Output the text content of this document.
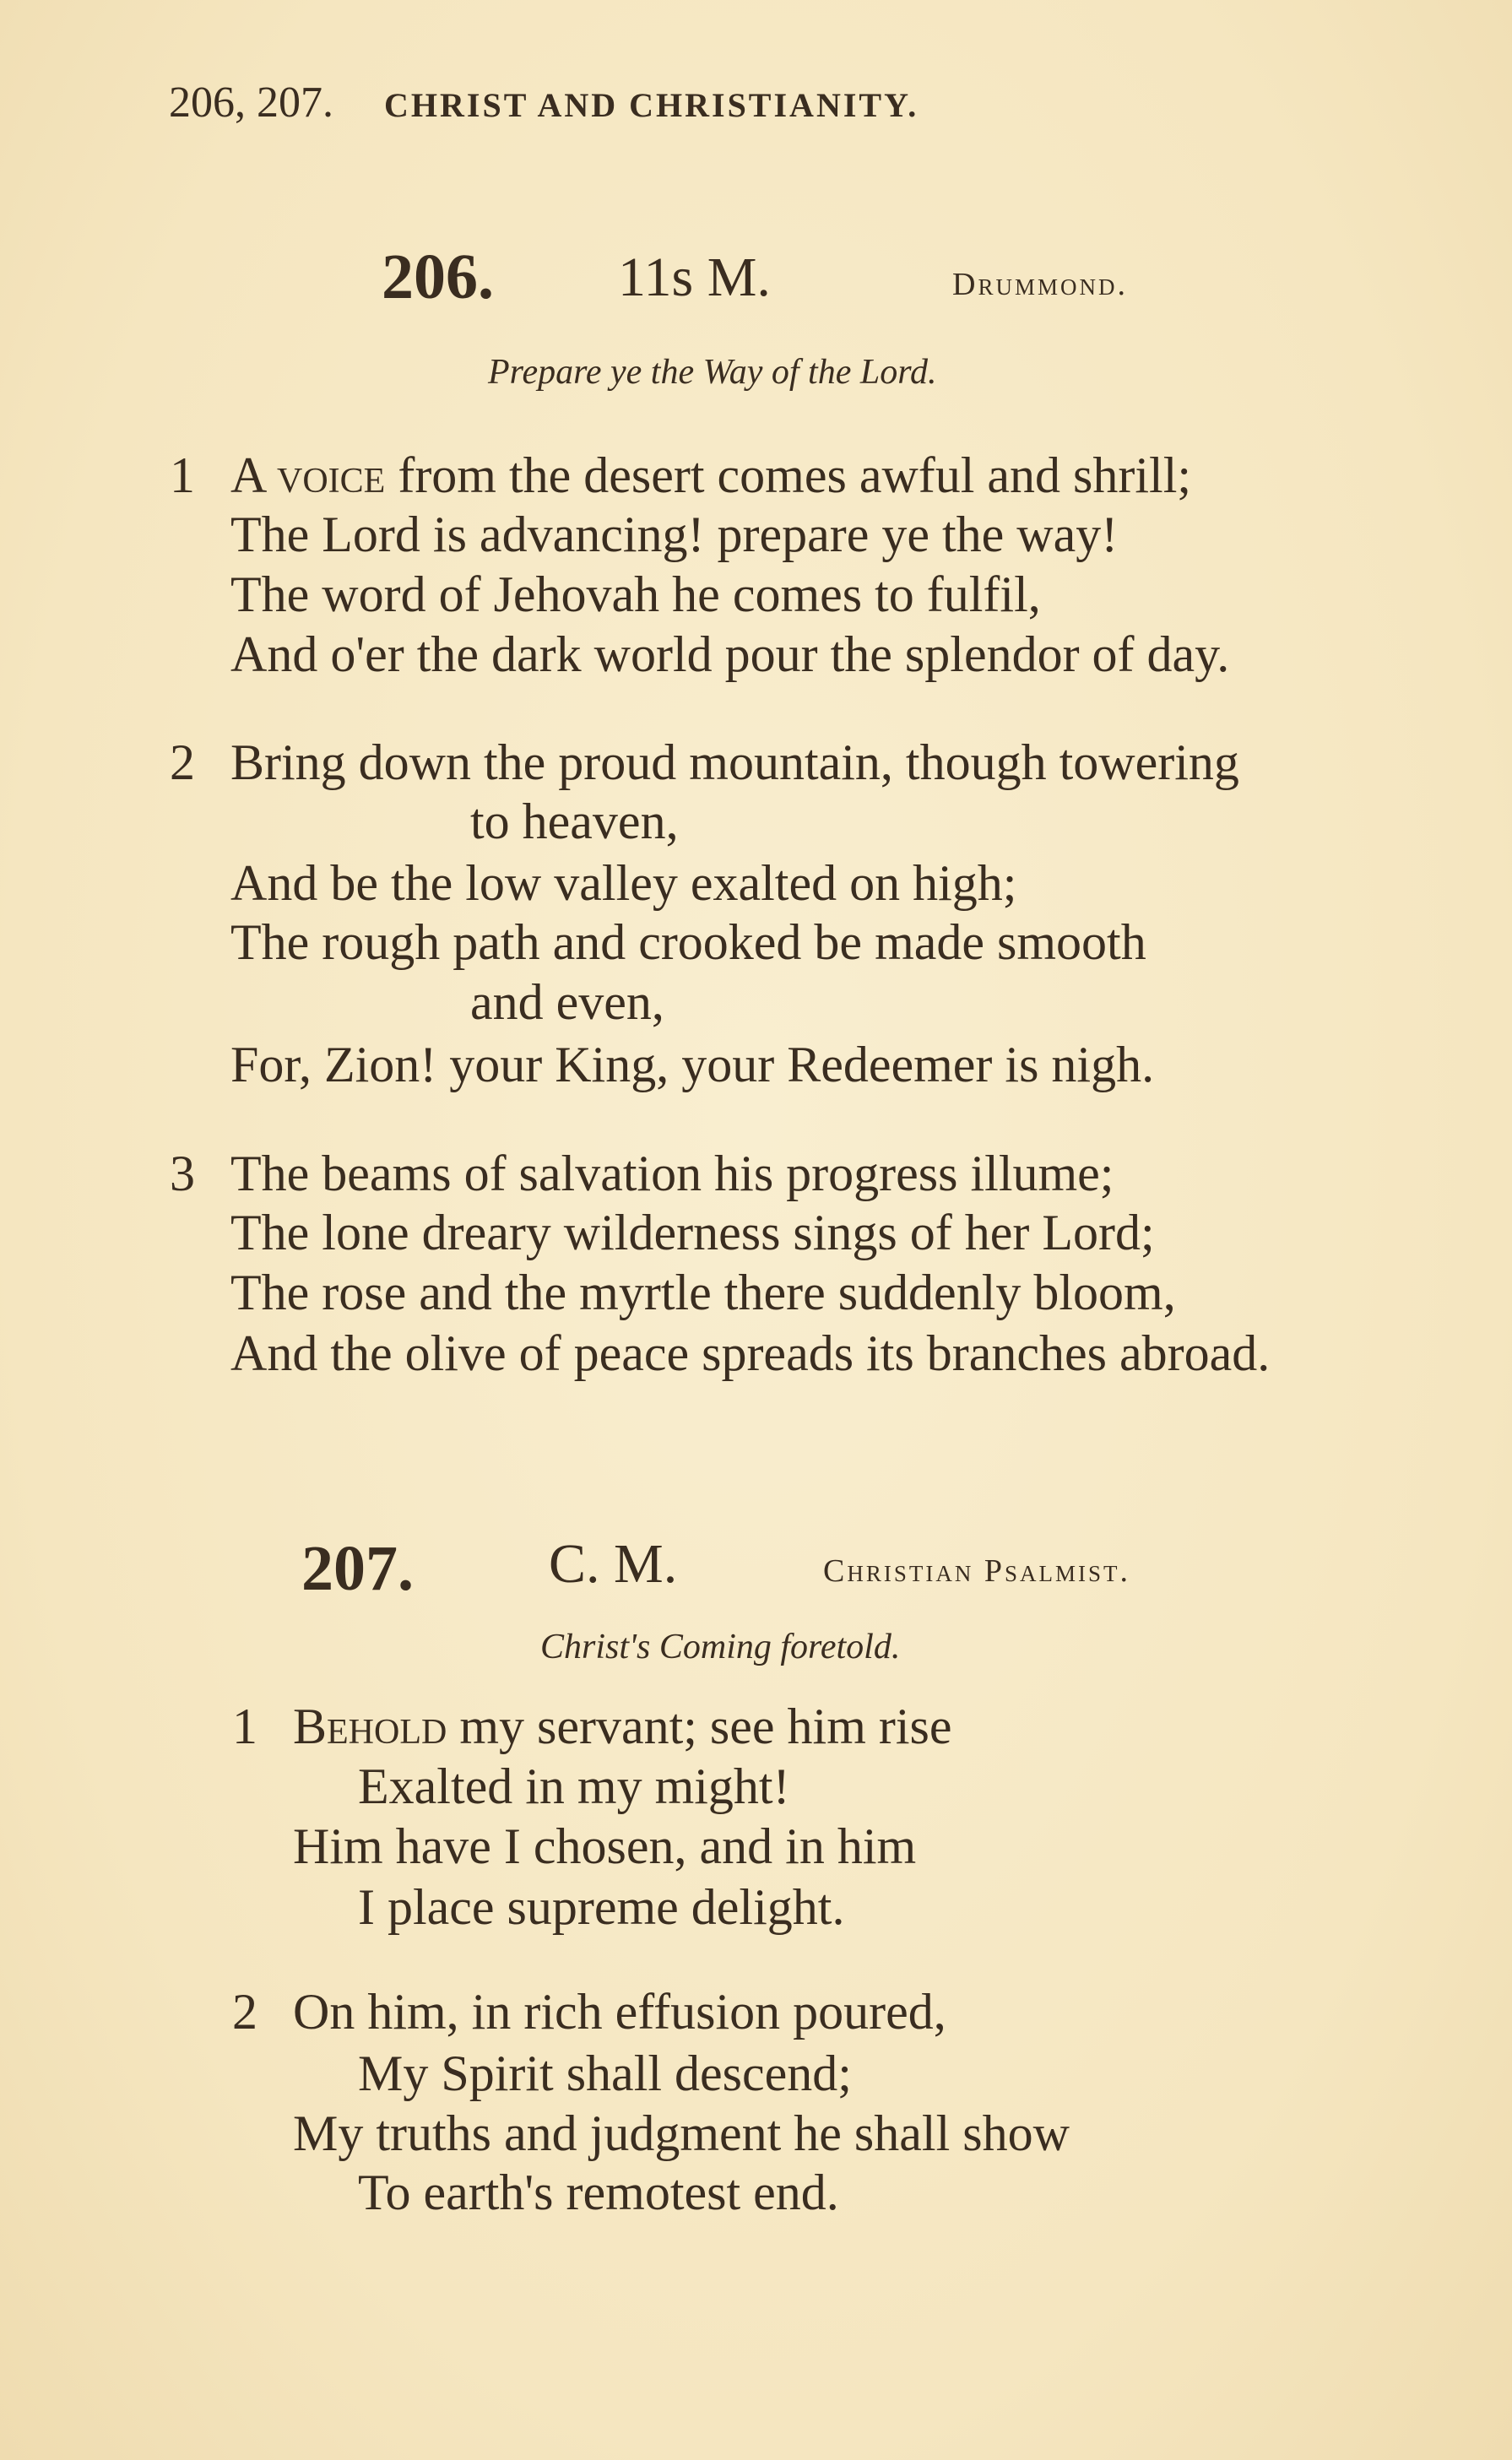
206, 207. CHRIST AND CHRISTIANITY.
206. 11s M.	Drummond.
Prepare ye the Way of the Lord.
207. C. M.	Christian Psalmist.
Christ's Coming foretold.
1 A voice from the desert comes awful and shrill;
The Lord is advancing! prepare ye the way!
The word of Jehovah he comes to fulfil,
And o'er the dark world pour the splendor of day.
2 Bring down the proud mountain, though towering
to heaven,
And be the low valley exalted on high;
The rough path and crooked be made smooth
and even,
For, Zion! your King, your Redeemer is nigh.
3 The beams of salvation his progress illume;
The lone dreary wilderness sings of her Lord;
The rose and the myrtle there suddenly bloom,
And the olive of peace spreads its branches abroad.
1 Behold my servant; see him rise
Exalted in my might!
Him have I chosen, and in him
I place supreme delight.
2 On him, in rich effusion poured,
My Spirit shall descend;
My truths and judgment he shall show
To earth's remotest end.
